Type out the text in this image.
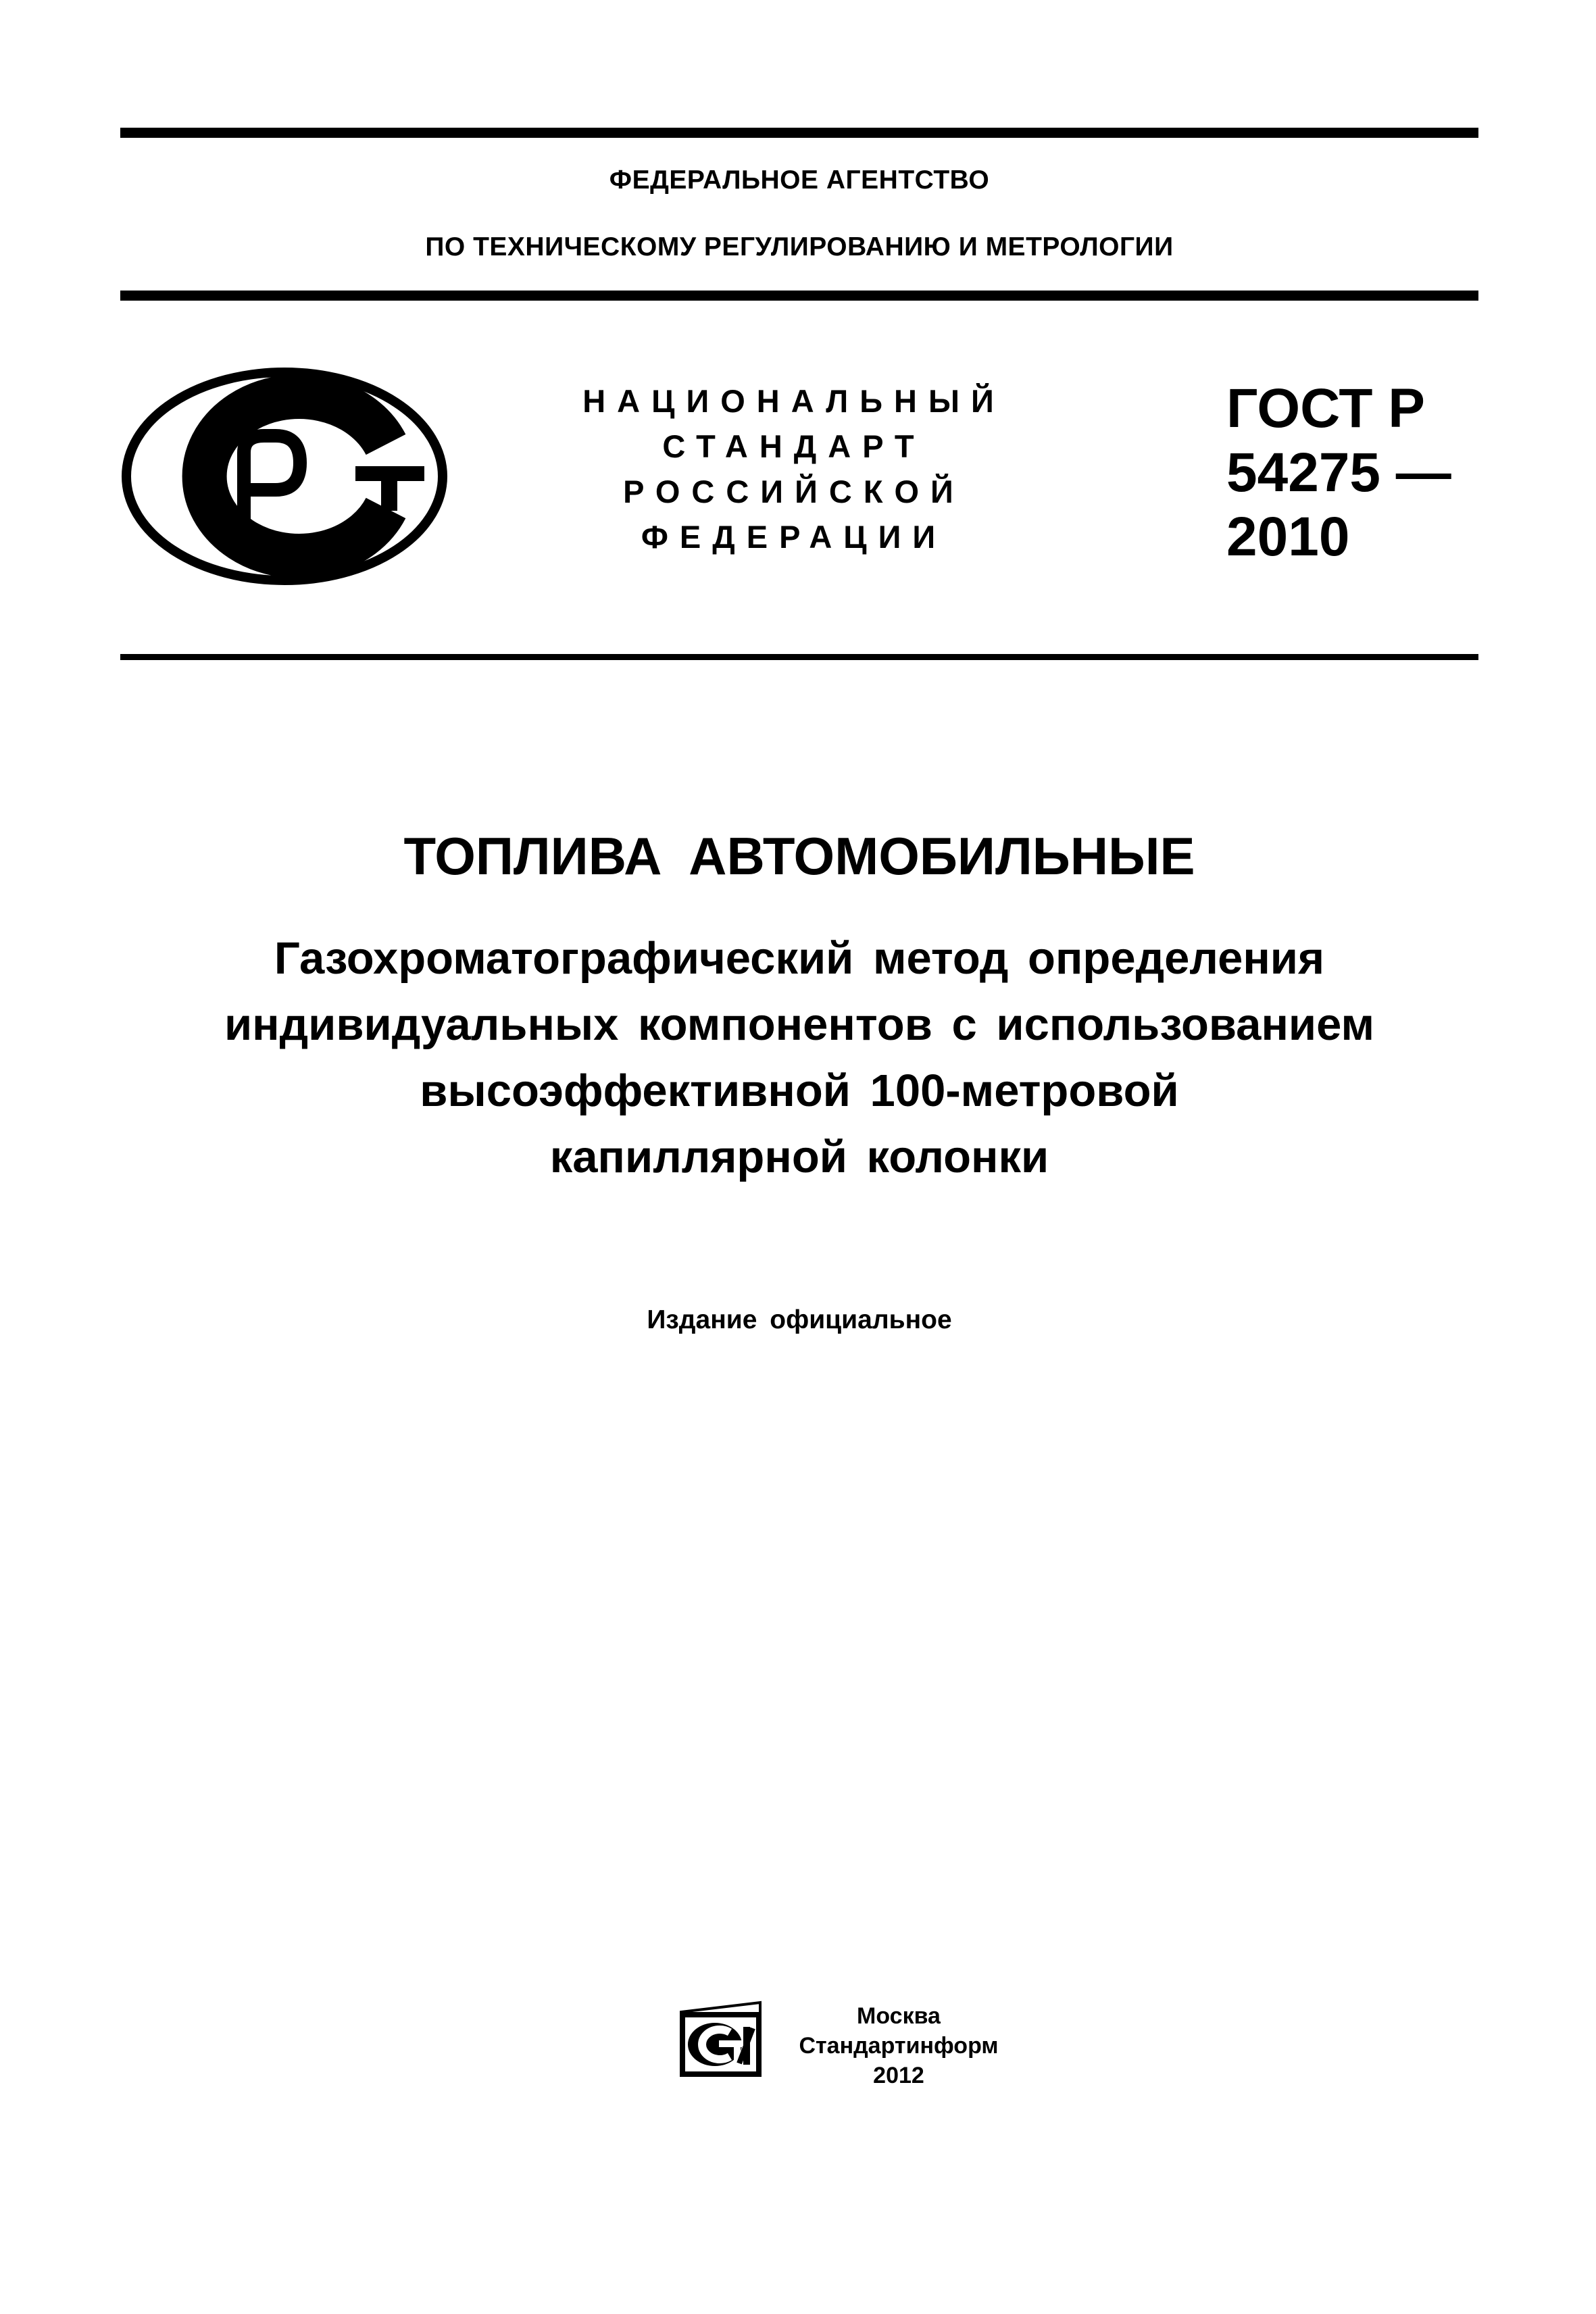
ФЕДЕРАЛЬНОЕ АГЕНТСТВО
ПО ТЕХНИЧЕСКОМУ РЕГУЛИРОВАНИЮ И МЕТРОЛОГИИ
НАЦИОНАЛЬНЫЙ
СТАНДАРТ
РОССИЙСКОЙ
ФЕДЕРАЦИИ
ГОСТ Р
54275 —
2010
ТОПЛИВА АВТОМОБИЛЬНЫЕ
Газохроматографический метод определения
индивидуальных компонентов с использованием
высоэффективной 100-метровой
капиллярной колонки
Издание официальное
Москва
Стандартинформ
2012
